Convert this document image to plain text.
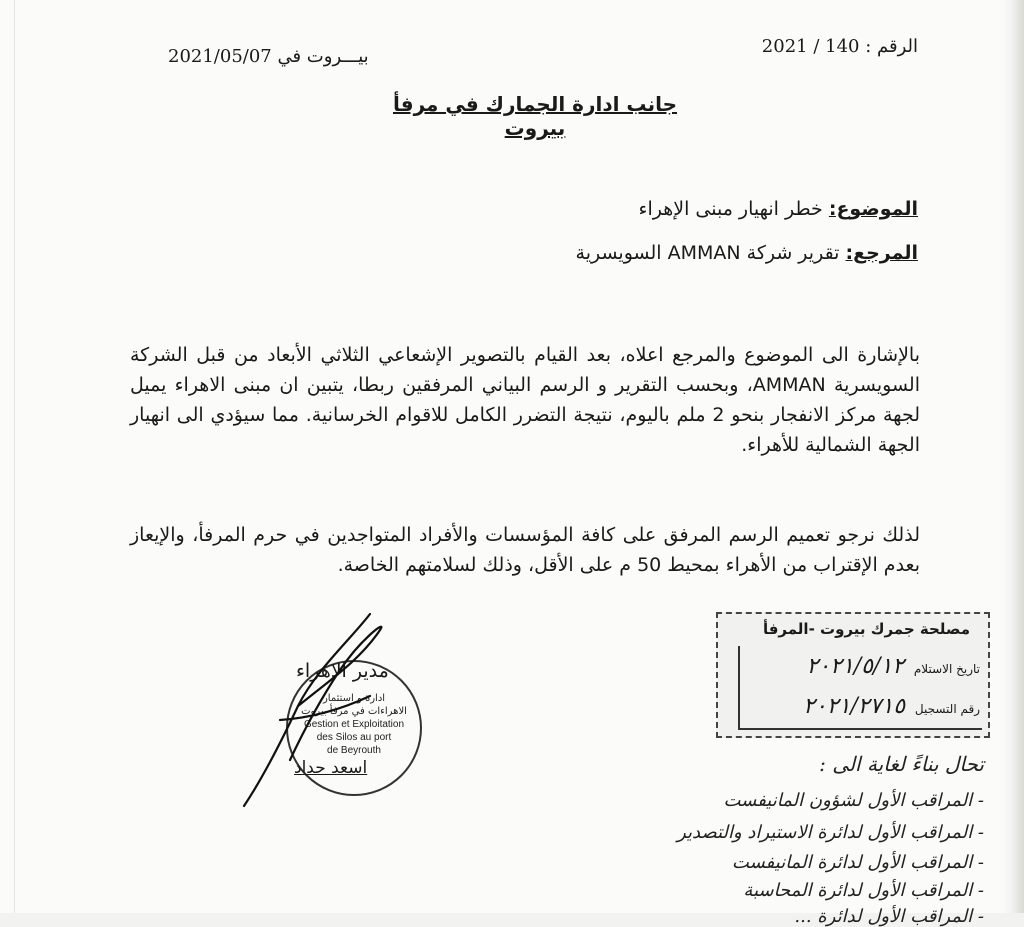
الرقم : 140 / 2021
بيـــروت في 2021/05/07
جانب ادارة الجمارك في مرفأ بيروت
الموضوع: خطر انهيار مبنى الإهراء
المرجع: تقرير شركة AMMAN السويسرية
بالإشارة الى الموضوع والمرجع اعلاه، بعد القيام بالتصوير الإشعاعي الثلاثي الأبعاد من قبل الشركة السويسرية AMMAN، وبحسب التقرير و الرسم البياني المرفقين ربطا، يتبين ان مبنى الاهراء يميل لجهة مركز الانفجار بنحو 2 ملم باليوم، نتيجة التضرر الكامل للاقوام الخرسانية. مما سيؤدي الى انهيار الجهة الشمالية للأهراء.
لذلك نرجو تعميم الرسم المرفق على كافة المؤسسات والأفراد المتواجدين في حرم المرفأ، والإيعاز بعدم الإقتراب من الأهراء بمحيط 50 م على الأقل، وذلك لسلامتهم الخاصة.
مصلحة جمرك بيروت -المرفأ
تاريخ الاستلام ٢٠٢١/٥/١٢
رقم التسجيل ٢٠٢١/٢٧١٥
ادارة و استثمار
الاهراءات في مرفأ بيروت
Gestion et Exploitation
des Silos au port
de Beyrouth
مدير الاهراء
اسعد حداد	تحال بناءً لغاية الى :
- المراقب الأول لشؤون المانيفست
- المراقب الأول لدائرة الاستيراد والتصدير
- المراقب الأول لدائرة المانيفست
- المراقب الأول لدائرة المحاسبة
- المراقب الأول لدائرة ...
